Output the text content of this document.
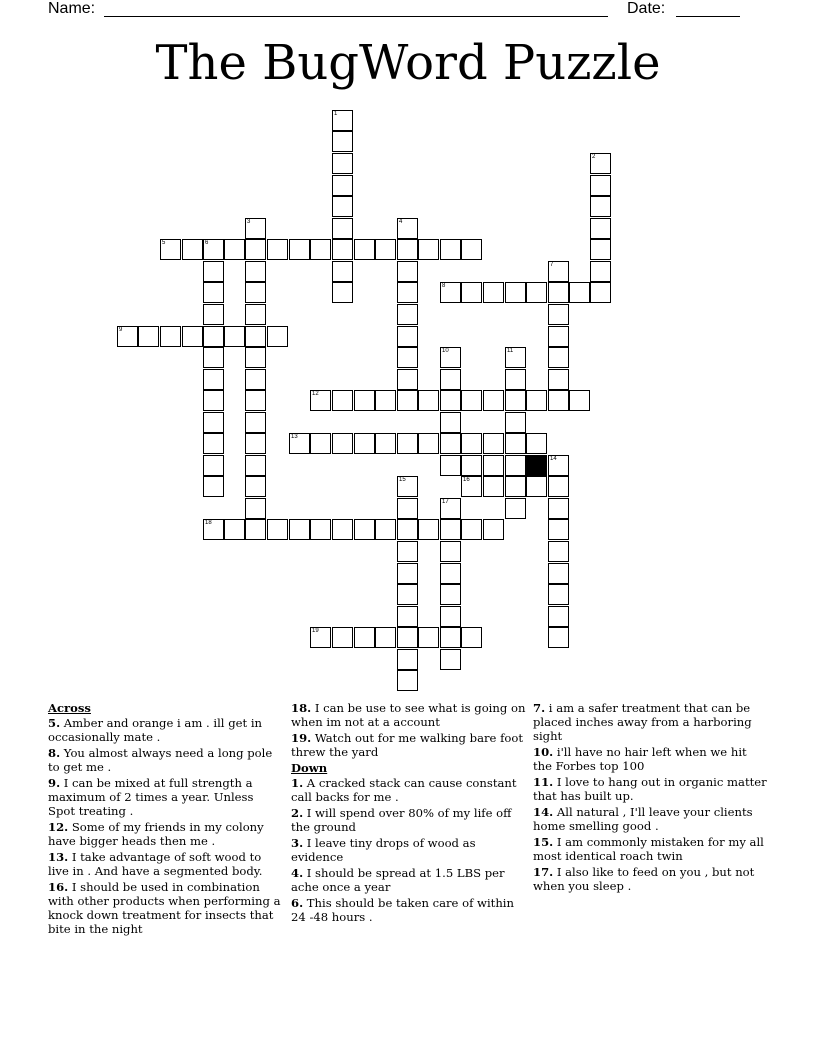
Name:	Date:
The BugWord Puzzle
1
2
3	4
5	6
7
8
9
10	11
12
13
14
15	16
17
18
19
Across
5. Amber and orange i am . ill get in occasionally mate .
8. You almost always need a long pole to get me .
9. I can be mixed at full strength a maximum of 2 times a year. Unless Spot treating .
12. Some of my friends in my colony have bigger heads then me .
13. I take advantage of soft wood to live in . And have a segmented body.
16. I should be used in combination with other products when performing a knock down treatment for insects that bite in the night
18. I can be use to see what is going on when im not at a account
19. Watch out for me walking bare foot threw the yard
Down
1. A cracked stack can cause constant call backs for me .
2. I will spend over 80% of my life off the ground
3. I leave tiny drops of wood as evidence
4. I should be spread at 1.5 LBS per ache once a year
6. This should be taken care of within 24 -48 hours .
7. i am a safer treatment that can be placed inches away from a harboring sight
10. i'll have no hair left when we hit the Forbes top 100
11. I love to hang out in organic matter that has built up.
14. All natural , I'll leave your clients home smelling good .
15. I am commonly mistaken for my all most identical roach twin
17. I also like to feed on you , but not when you sleep .
